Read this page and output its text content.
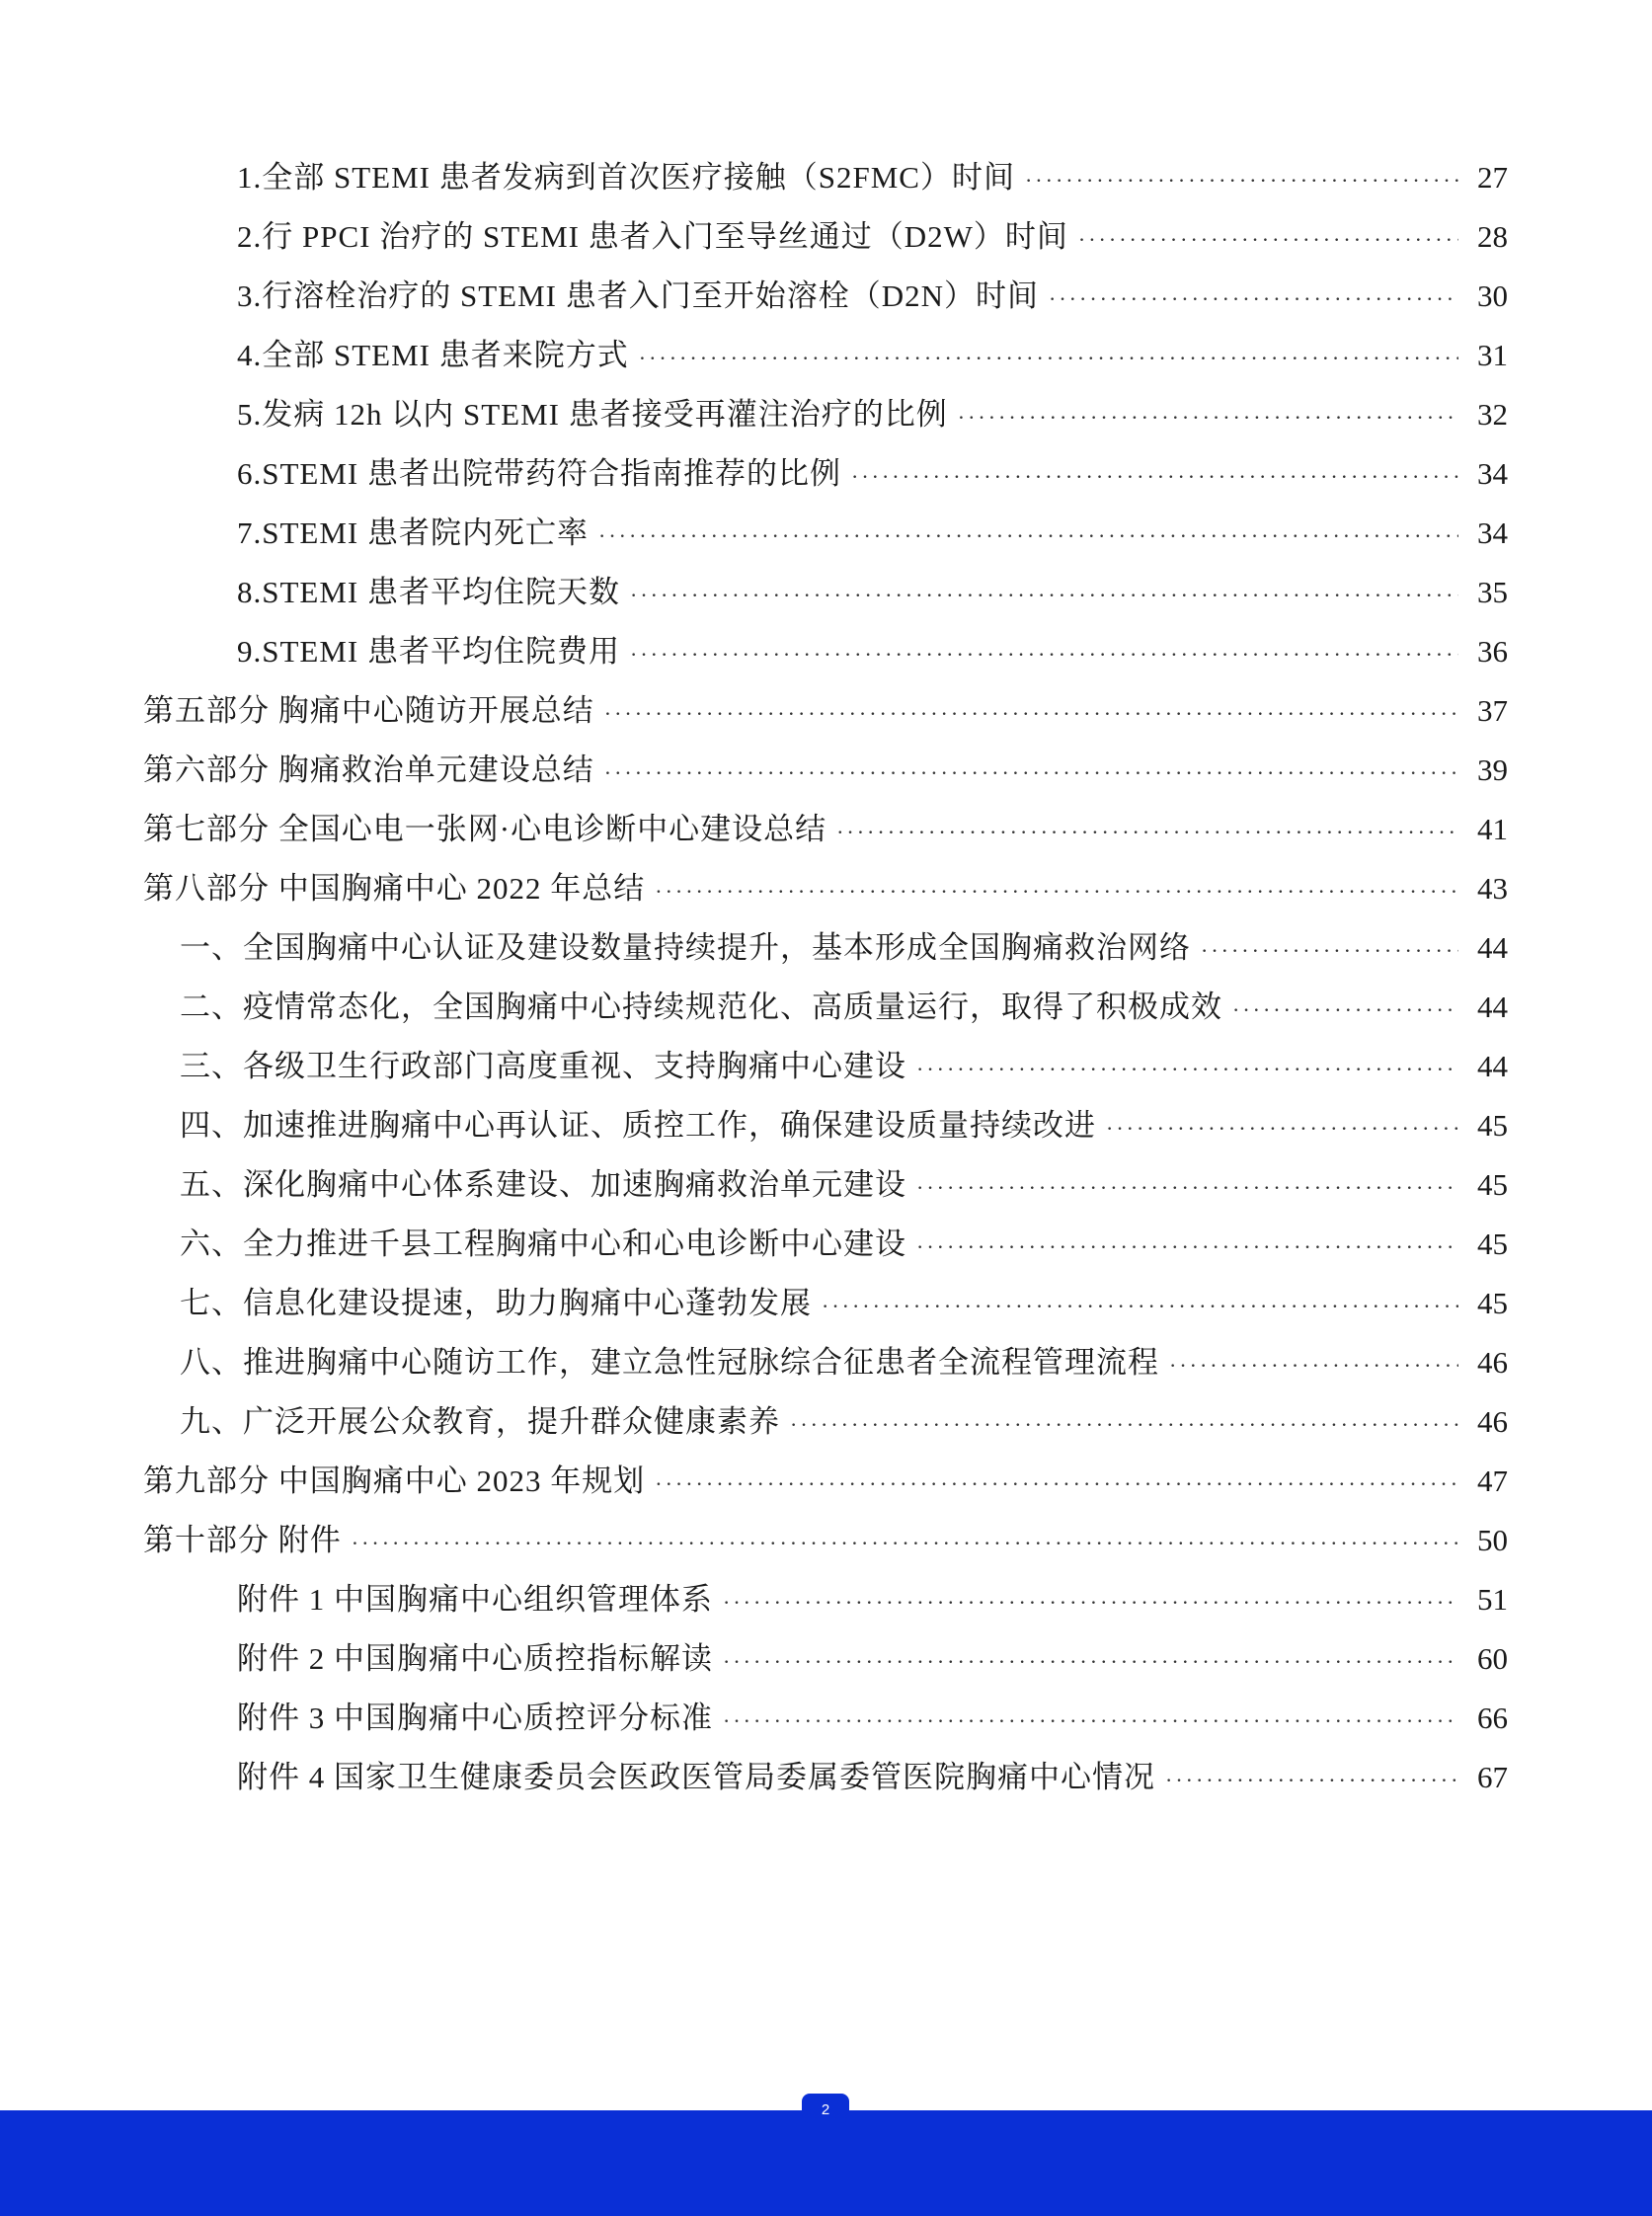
1.全部 STEMI 患者发病到首次医疗接触（S2FMC）时间 ·····	27
2.行 PPCI 治疗的 STEMI 患者入门至导丝通过（D2W）时间 ·····	28
3.行溶栓治疗的 STEMI 患者入门至开始溶栓（D2N）时间 ·····	30
4.全部 STEMI 患者来院方式 ·····	31
5.发病 12h 以内 STEMI 患者接受再灌注治疗的比例 ·····	32
6.STEMI 患者出院带药符合指南推荐的比例 ·····	34
7.STEMI 患者院内死亡率 ·····	34
8.STEMI 患者平均住院天数 ·····	35
9.STEMI 患者平均住院费用 ·····	36
第五部分 胸痛中心随访开展总结 ·····	37
第六部分 胸痛救治单元建设总结 ·····	39
第七部分 全国心电一张网·心电诊断中心建设总结 ·····	41
第八部分 中国胸痛中心 2022 年总结 ·····	43
一、全国胸痛中心认证及建设数量持续提升，基本形成全国胸痛救治网络 ·····	44
二、疫情常态化，全国胸痛中心持续规范化、高质量运行，取得了积极成效 ·····	44
三、各级卫生行政部门高度重视、支持胸痛中心建设 ·····	44
四、加速推进胸痛中心再认证、质控工作，确保建设质量持续改进 ·····	45
五、深化胸痛中心体系建设、加速胸痛救治单元建设 ·····	45
六、全力推进千县工程胸痛中心和心电诊断中心建设 ·····	45
七、信息化建设提速，助力胸痛中心蓬勃发展 ·····	45
八、推进胸痛中心随访工作，建立急性冠脉综合征患者全流程管理流程 ·····	46
九、广泛开展公众教育，提升群众健康素养 ·····	46
第九部分 中国胸痛中心 2023 年规划 ·····	47
第十部分 附件 ·····	50
附件 1 中国胸痛中心组织管理体系 ·····	51
附件 2 中国胸痛中心质控指标解读 ·····	60
附件 3 中国胸痛中心质控评分标准 ·····	66
附件 4 国家卫生健康委员会医政医管局委属委管医院胸痛中心情况 ·····	67
2
